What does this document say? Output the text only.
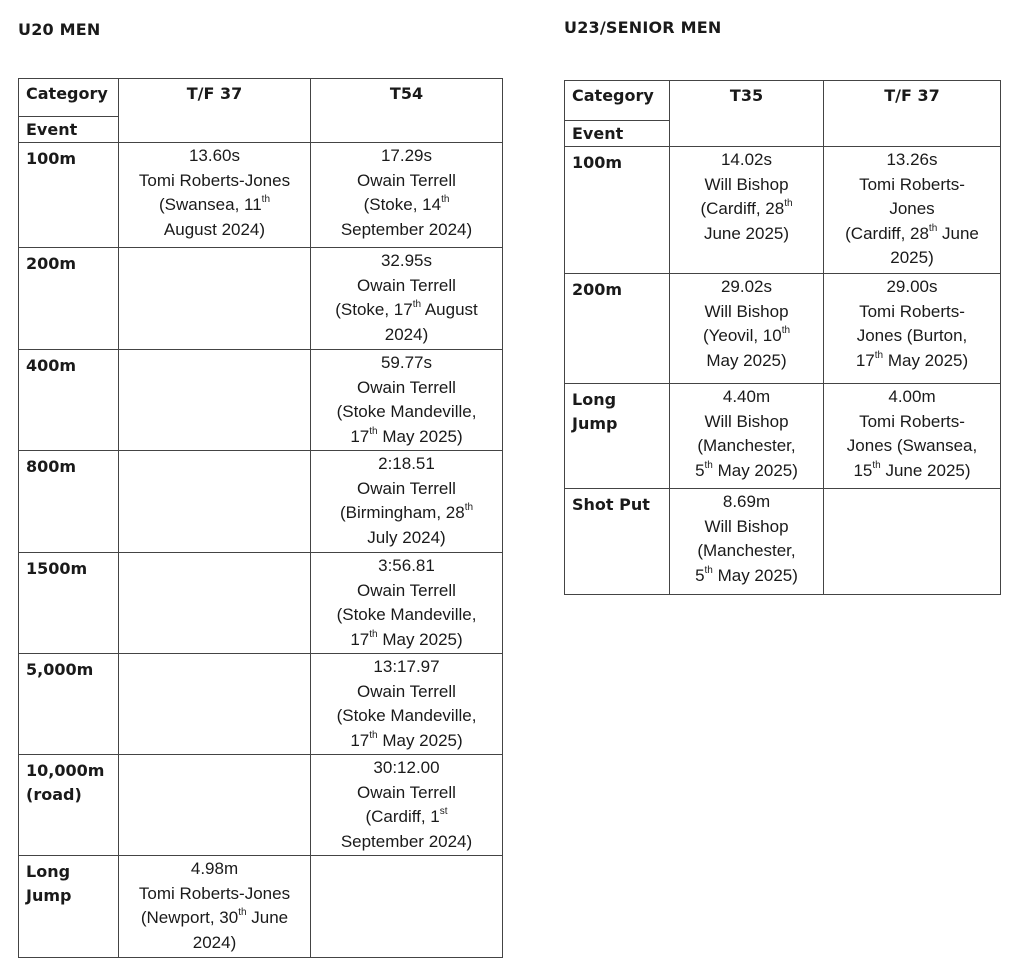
U20 MEN	U23/SENIOR MEN
Category
Event	T/F 37	T54
100m	13.60s
Tomi Roberts-Jones
(Swansea, 11th
August 2024)	17.29s
Owain Terrell
(Stoke, 14th
September 2024)

200m		32.95s
Owain Terrell
(Stoke, 17th August
2024)

400m		59.77s
Owain Terrell
(Stoke Mandeville,
17th May 2025)

800m		2:18.51
Owain Terrell
(Birmingham, 28th
July 2024)

1500m		3:56.81
Owain Terrell
(Stoke Mandeville,
17th May 2025)

5,000m		13:17.97
Owain Terrell
(Stoke Mandeville,
17th May 2025)

10,000m
(road)		30:12.00
Owain Terrell
(Cardiff, 1st
September 2024)

Long
Jump	4.98m
Tomi Roberts-Jones
(Newport, 30th June
2024)	

Category
Event	T35	T/F 37
100m	14.02s
Will Bishop
(Cardiff, 28th
June 2025)	13.26s
Tomi Roberts-
Jones
(Cardiff, 28th June
2025)

200m	29.02s
Will Bishop
(Yeovil, 10th
May 2025)	29.00s
Tomi Roberts-
Jones (Burton,
17th May 2025)

Long
Jump	4.40m
Will Bishop
(Manchester,
5th May 2025)	4.00m
Tomi Roberts-
Jones (Swansea,
15th June 2025)

Shot Put	8.69m
Will Bishop
(Manchester,
5th May 2025)	
